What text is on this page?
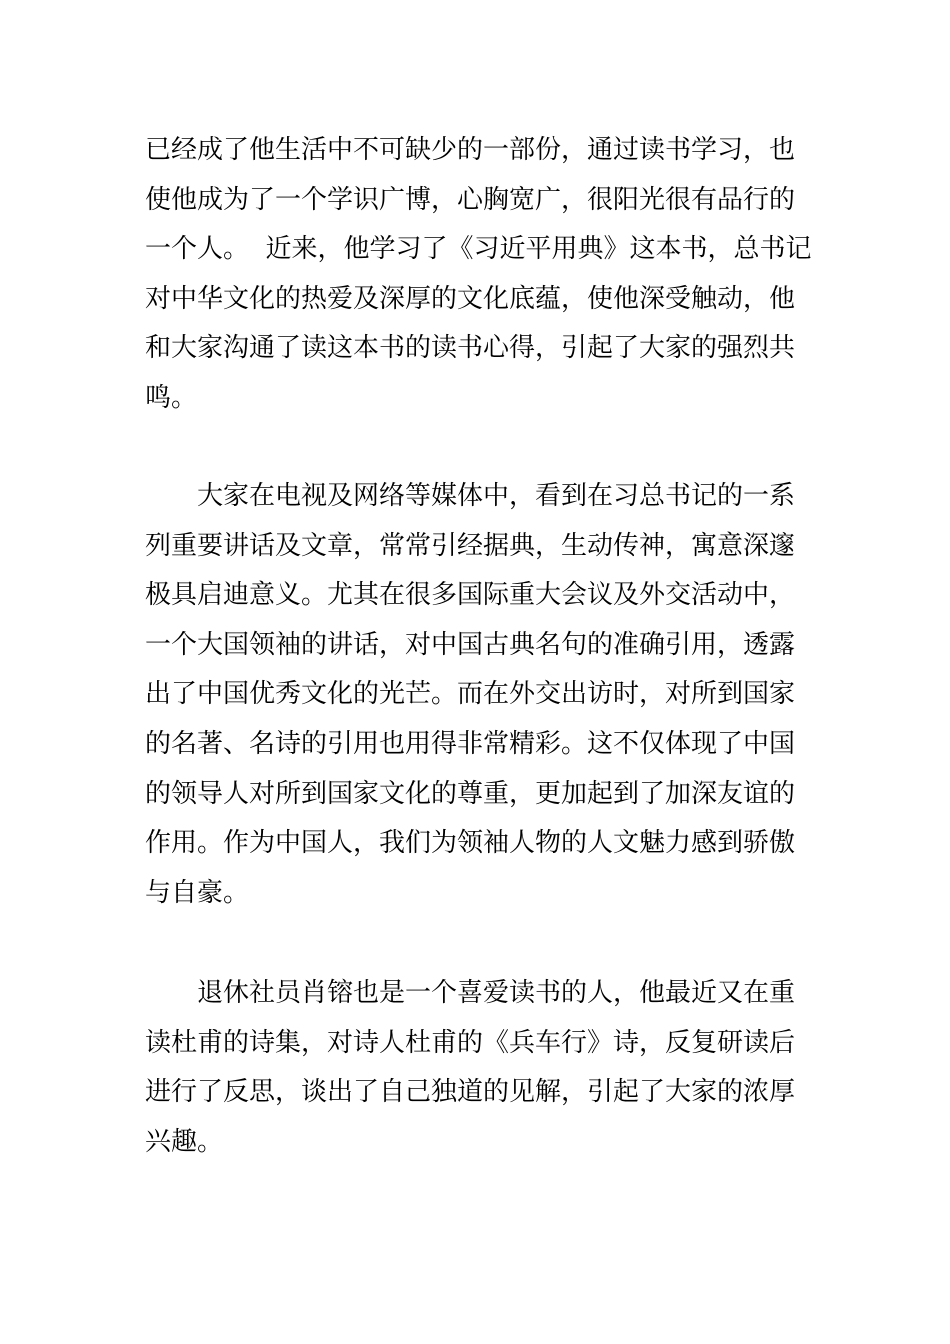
已经成了他生活中不可缺少的一部份，通过读书学习，也
使他成为了一个学识广博，心胸宽广，很阳光很有品行的
一个人。  近来，他学习了《习近平用典》这本书，总书记
对中华文化的热爱及深厚的文化底蕴，使他深受触动，他
和大家沟通了读这本书的读书心得，引起了大家的强烈共
鸣。

大家在电视及网络等媒体中，看到在习总书记的一系
列重要讲话及文章，常常引经据典，生动传神，寓意深邃
极具启迪意义。尤其在很多国际重大会议及外交活动中，
一个大国领袖的讲话，对中国古典名句的准确引用，透露
出了中国优秀文化的光芒。而在外交出访时，对所到国家
的名著、名诗的引用也用得非常精彩。这不仅体现了中国
的领导人对所到国家文化的尊重，更加起到了加深友谊的
作用。作为中国人，我们为领袖人物的人文魅力感到骄傲
与自豪。

退休社员肖镕也是一个喜爱读书的人，他最近又在重
读杜甫的诗集，对诗人杜甫的《兵车行》诗，反复研读后
进行了反思，谈出了自己独道的见解，引起了大家的浓厚
兴趣。
